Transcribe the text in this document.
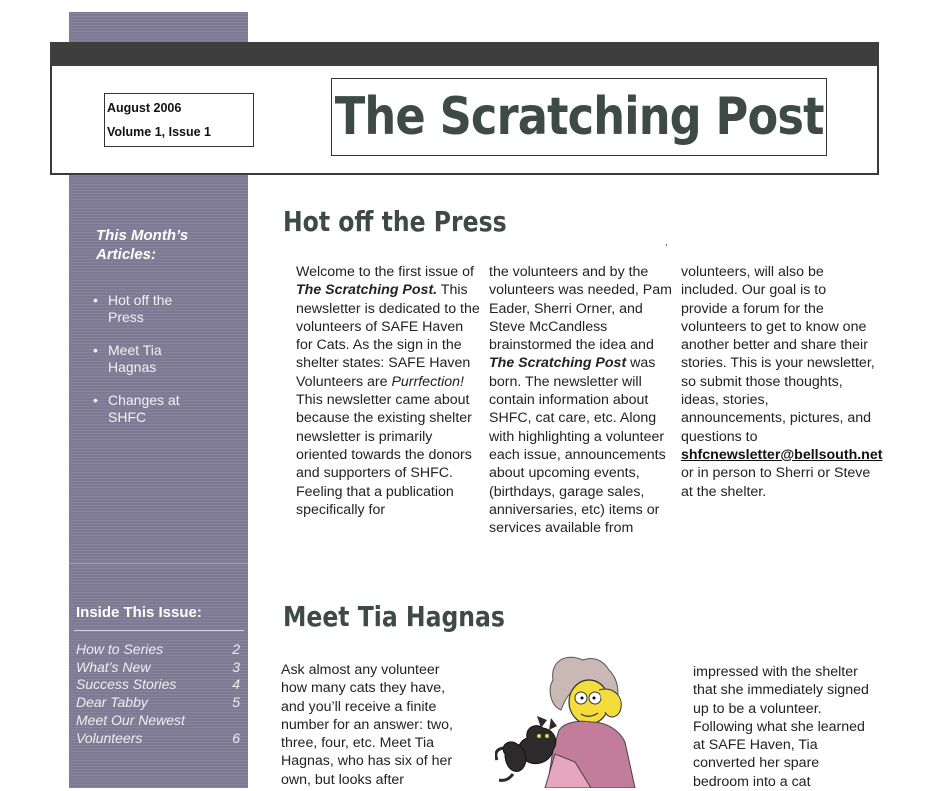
August 2006
Volume 1, Issue 1	The Scratching Post
This Month’s
Articles:
• Hot off the
Press
• Meet Tia
Hagnas
• Changes at
SHFC
Inside This Issue:
How to Series	2
What’s New	3
Success Stories	4
Dear Tabby	5
Meet Our Newest
Volunteers	6
Hot off the Press
,

Welcome to the first issue of The Scratching Post. This newsletter is dedicated to the volunteers of SAFE Haven for Cats. As the sign in the shelter states: SAFE Haven Volunteers are Purrfection! This newsletter came about because the existing shelter newsletter is primarily oriented towards the donors and supporters of SHFC. Feeling that a publication specifically for

the volunteers and by the volunteers was needed, Pam Eader, Sherri Orner, and Steve McCandless brainstormed the idea and The Scratching Post was born. The newsletter will contain information about SHFC, cat care, etc. Along with highlighting a volunteer each issue, announcements about upcoming events, (birthdays, garage sales, anniversaries, etc) items or services available from

volunteers, will also be included. Our goal is to provide a forum for the volunteers to get to know one another better and share their stories. This is your newsletter, so submit those thoughts, ideas, stories, announcements, pictures, and questions to shfcnewsletter@bellsouth.net or in person to Sherri or Steve at the shelter.

Meet Tia Hagnas

Ask almost any volunteer how many cats they have, and you’ll receive a finite number for an answer: two, three, four, etc. Meet Tia Hagnas, who has six of her own, but looks after

impressed with the shelter that she immediately signed up to be a volunteer. Following what she learned at SAFE Haven, Tia converted her spare bedroom into a cat
